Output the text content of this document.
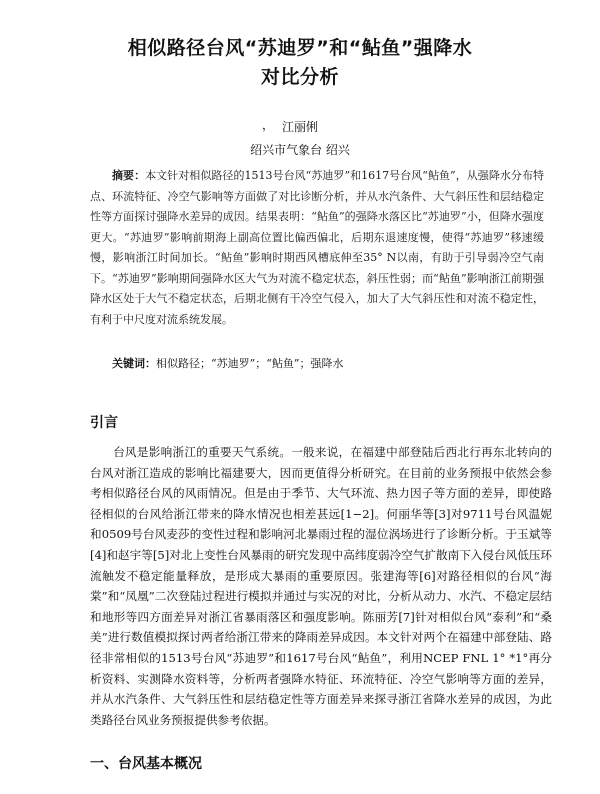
相似路径台风“苏迪罗”和“鲇鱼”强降水
对比分析
， 江丽俐
绍兴市气象台 绍兴
摘要：本文针对相似路径的1513号台风“苏迪罗”和1617号台风“鲇鱼”，从强降水分布特点、环流特征、冷空气影响等方面做了对比诊断分析，并从水汽条件、大气斜压性和层结稳定性等方面探讨强降水差异的成因。结果表明：“鲇鱼”的强降水落区比“苏迪罗”小，但降水强度更大。“苏迪罗”影响前期海上副高位置比偏西偏北，后期东退速度慢，使得“苏迪罗”移速缓慢，影响浙江时间加长。“鲇鱼”影响时期西风槽底伸至35° N以南，有助于引导弱冷空气南下。“苏迪罗”影响期间强降水区大气为对流不稳定状态，斜压性弱；而“鲇鱼”影响浙江前期强降水区处于大气不稳定状态，后期北侧有干冷空气侵入，加大了大气斜压性和对流不稳定性，有利于中尺度对流系统发展。
关键词：相似路径；“苏迪罗”；“鲇鱼”；强降水
引言
台风是影响浙江的重要天气系统。一般来说，在福建中部登陆后西北行再东北转向的台风对浙江造成的影响比福建要大，因而更值得分析研究。在目前的业务预报中依然会参考相似路径台风的风雨情况。但是由于季节、大气环流、热力因子等方面的差异，即使路径相似的台风给浙江带来的降水情况也相差甚远[1−2]。何丽华等[3]对9711号台风温妮和0509号台风麦莎的变性过程和影响河北暴雨过程的湿位涡场进行了诊断分析。于玉斌等[4]和赵宇等[5]对北上变性台风暴雨的研究发现中高纬度弱冷空气扩散南下入侵台风低压环流触发不稳定能量释放，是形成大暴雨的重要原因。张建海等[6]对路径相似的台风“海棠”和“凤凰”二次登陆过程进行模拟并通过与实况的对比，分析从动力、水汽、不稳定层结和地形等四方面差异对浙江省暴雨落区和强度影响。陈丽芳[7]针对相似台风“泰利”和“桑美”进行数值模拟探讨两者给浙江带来的降雨差异成因。本文针对两个在福建中部登陆、路径非常相似的1513号台风“苏迪罗”和1617号台风“鲇鱼”，利用NCEP FNL 1° *1°再分析资料、实测降水资料等，分析两者强降水特征、环流特征、冷空气影响等方面的差异，并从水汽条件、大气斜压性和层结稳定性等方面差异来探寻浙江省降水差异的成因，为此类路径台风业务预报提供参考依据。
一、台风基本概况
